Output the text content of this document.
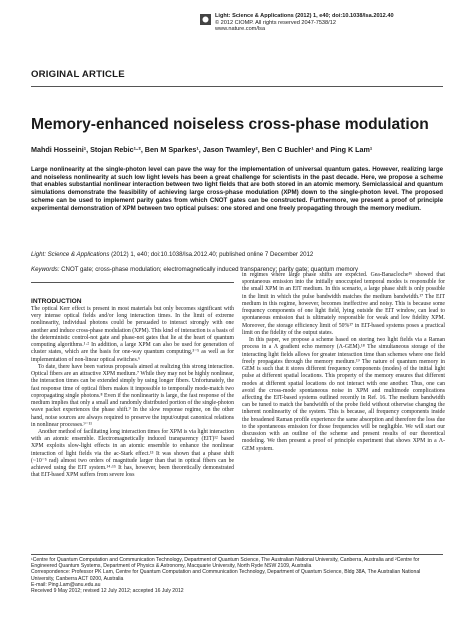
Light: Science & Applications (2012) 1, e40; doi:10.1038/lsa.2012.40
© 2012 CIOMP. All rights reserved 2047-7538/12
www.nature.com/lsa
ORIGINAL ARTICLE
Memory-enhanced noiseless cross-phase modulation
Mahdi Hosseini¹, Stojan Rebic¹·², Ben M Sparkes¹, Jason Twamley², Ben C Buchler¹ and Ping K Lam¹
Large nonlinearity at the single-photon level can pave the way for the implementation of universal quantum gates. However, realizing large and noiseless nonlinearity at such low light levels has been a great challenge for scientists in the past decade. Here, we propose a scheme that enables substantial nonlinear interaction between two light fields that are both stored in an atomic memory. Semiclassical and quantum simulations demonstrate the feasibility of achieving large cross-phase modulation (XPM) down to the single-photon level. The proposed scheme can be used to implement parity gates from which CNOT gates can be constructed. Furthermore, we present a proof of principle experimental demonstration of XPM between two optical pulses: one stored and one freely propagating through the memory medium.
Light: Science & Applications (2012) 1, e40; doi:10.1038/lsa.2012.40; published online 7 December 2012
Keywords: CNOT gate; cross-phase modulation; electromagnetically induced transparency; parity gate; quantum memory
INTRODUCTION

The optical Kerr effect is present in most materials but only becomes significant with very intense optical fields and/or long interaction times. In the limit of extreme nonlinearity, individual photons could be persuaded to interact strongly with one another and induce cross-phase modulation (XPM). This kind of interaction is a basis of the deterministic control-not gate and phase-not gates that lie at the heart of quantum computing algorithms.¹·² In addition, a large XPM can also be used for generation of cluster states, which are the basis for one-way quantum computing,³⁻⁵ as well as for implementation of non-linear optical switches.⁶

To date, there have been various proposals aimed at realizing this strong interaction. Optical fibers are an attractive XPM medium.⁷ While they may not be highly nonlinear, the interaction times can be extended simply by using longer fibers. Unfortunately, the fast response time of optical fibers makes it impossible to temporally mode-match two copropagating single photons.⁸ Even if the nonlinearity is large, the fast response of the medium implies that only a small and randomly distributed portion of the single-photon wave packet experiences the phase shift.⁹ In the slow response regime, on the other hand, noise sources are always required to preserve the input/output canonical relations in nonlinear processes.⁹⁻¹¹

Another method of facilitating long interaction times for XPM is via light interaction with an atomic ensemble. Electromagnetically induced transparency (EIT)¹² based XPM exploits slow-light effects in an atomic ensemble to enhance the nonlinear interaction of light fields via the ac-Stark effect.¹³ It was shown that a phase shift (~10⁻⁵ rad) almost two orders of magnitude larger than that in optical fibers can be achieved using the EIT system.¹⁴·¹⁵ It has, however, been theoretically demonstrated that EIT-based XPM suffers from severe loss

in regimes where large phase shifts are expected. Gea-Banacloche¹⁶ showed that spontaneous emission into the initially unoccupied temporal modes is responsible for the small XPM in an EIT medium. In this scenario, a large phase shift is only possible in the limit in which the pulse bandwidth matches the medium bandwidth.¹⁷ The EIT medium in this regime, however, becomes ineffective and noisy. This is because some frequency components of one light field, lying outside the EIT window, can lead to spontaneous emission that is ultimately responsible for weak and low fidelity XPM. Moreover, the storage efficiency limit of 50%¹⁷ in EIT-based systems poses a practical limit on the fidelity of the output states.

In this paper, we propose a scheme based on storing two light fields via a Raman process in a Λ gradient echo memory (Λ-GEM).¹⁸ The simultaneous storage of the interacting light fields allows for greater interaction time than schemes where one field freely propagates through the memory medium.¹⁹ The nature of quantum memory in GEM is such that it stores different frequency components (modes) of the initial light pulse at different spatial locations. This property of the memory ensures that different modes at different spatial locations do not interact with one another. Thus, one can avoid the cross-mode spontaneous noise in XPM and multimode complications affecting the EIT-based systems outlined recently in Ref. 16. The medium bandwidth can be tuned to match the bandwidth of the probe field without otherwise changing the inherent nonlinearity of the system. This is because, all frequency components inside the broadened Raman profile experience the same absorption and therefore the loss due to the spontaneous emission for those frequencies will be negligible. We will start our discussion with an outline of the scheme and present results of our theoretical modeling. We then present a proof of principle experiment that shows XPM in a Λ-GEM system.

¹Centre for Quantum Computation and Communication Technology, Department of Quantum Science, The Australian National University, Canberra, Australia and ²Centre for Engineered Quantum Systems, Department of Physics & Astronomy, Macquarie University, North Ryde NSW 2109, Australia
Correspondence: Professor PK Lam, Centre for Quantum Computation and Communication Technology, Department of Quantum Science, Bldg 38A, The Australian National University, Canberra ACT 0200, Australia
E-mail: Ping.Lam@anu.edu.au
Received 9 May 2012; revised 12 July 2012; accepted 16 July 2012
